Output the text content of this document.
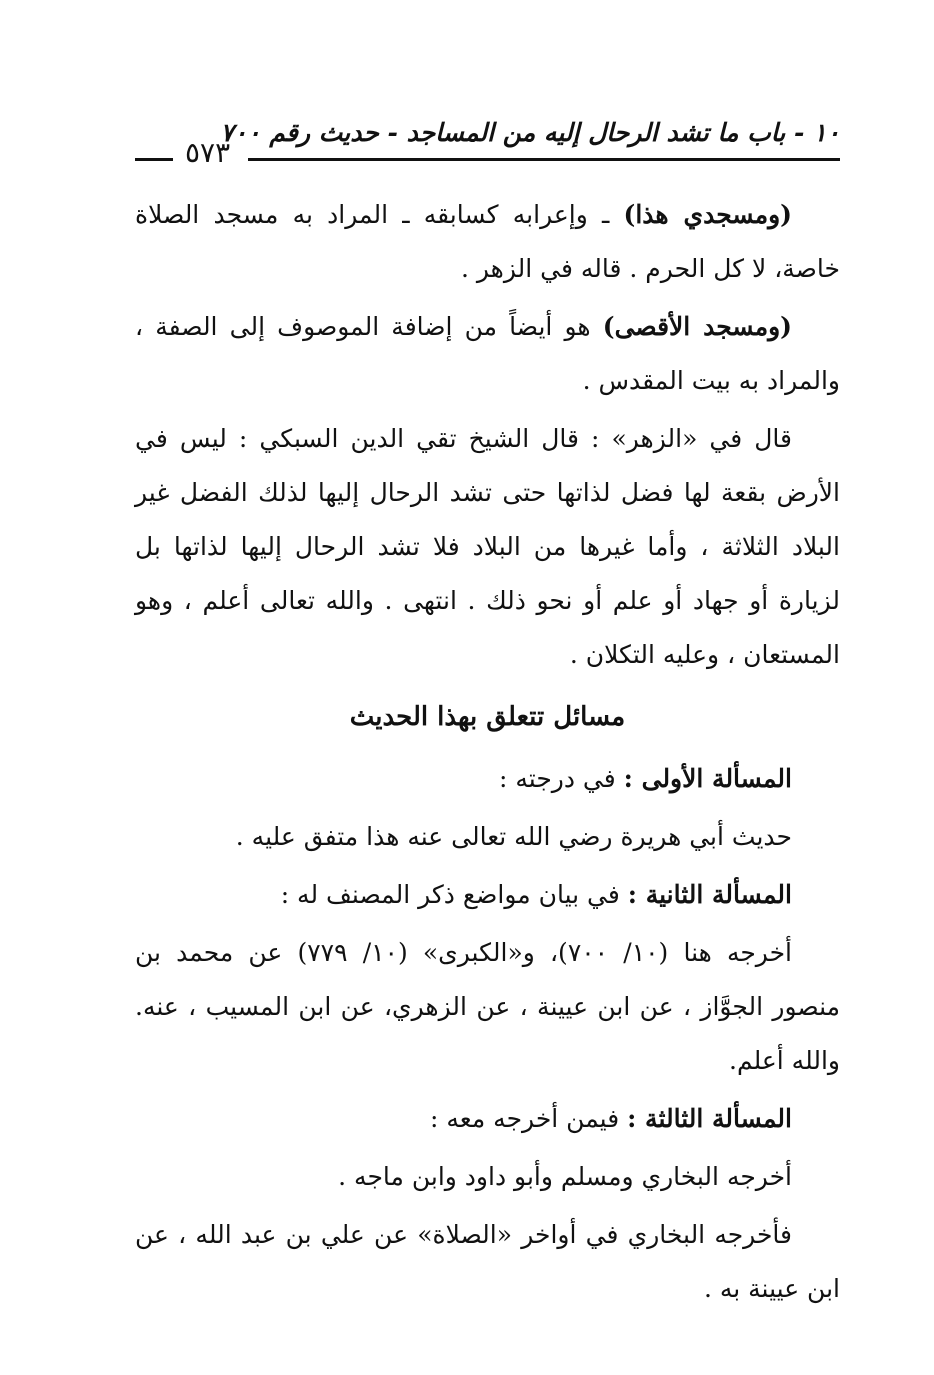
١٠ - باب ما تشد الرحال إليه من المساجد - حديث رقم ٧٠٠
٥٧٣

(ومسجدي هذا) ـ وإعرابه كسابقه ـ المراد به مسجد الصلاة خاصة، لا كل الحرم . قاله في الزهر .

(ومسجد الأقصى) هو أيضاً من إضافة الموصوف إلى الصفة ، والمراد به بيت المقدس .

قال في «الزهر» : قال الشيخ تقي الدين السبكي : ليس في الأرض بقعة لها فضل لذاتها حتى تشد الرحال إليها لذلك الفضل غير البلاد الثلاثة ، وأما غيرها من البلاد فلا تشد الرحال إليها لذاتها بل لزيارة أو جهاد أو علم أو نحو ذلك . انتهى . والله تعالى أعلم ، وهو المستعان ، وعليه التكلان .

مسائل تتعلق بهذا الحديث

المسألة الأولى : في درجته :

حديث أبي هريرة رضي الله تعالى عنه هذا متفق عليه .

المسألة الثانية : في بيان مواضع ذكر المصنف له :

أخرجه هنا (١٠/ ٧٠٠)، و«الكبرى» (١٠/ ٧٧٩) عن محمد بن منصور الجوَّاز ، عن ابن عيينة ، عن الزهري، عن ابن المسيب ، عنه. والله أعلم.

المسألة الثالثة : فيمن أخرجه معه :

أخرجه البخاري ومسلم وأبو داود وابن ماجه .

فأخرجه البخاري في أواخر «الصلاة» عن علي بن عبد الله ، عن ابن عيينة به .
